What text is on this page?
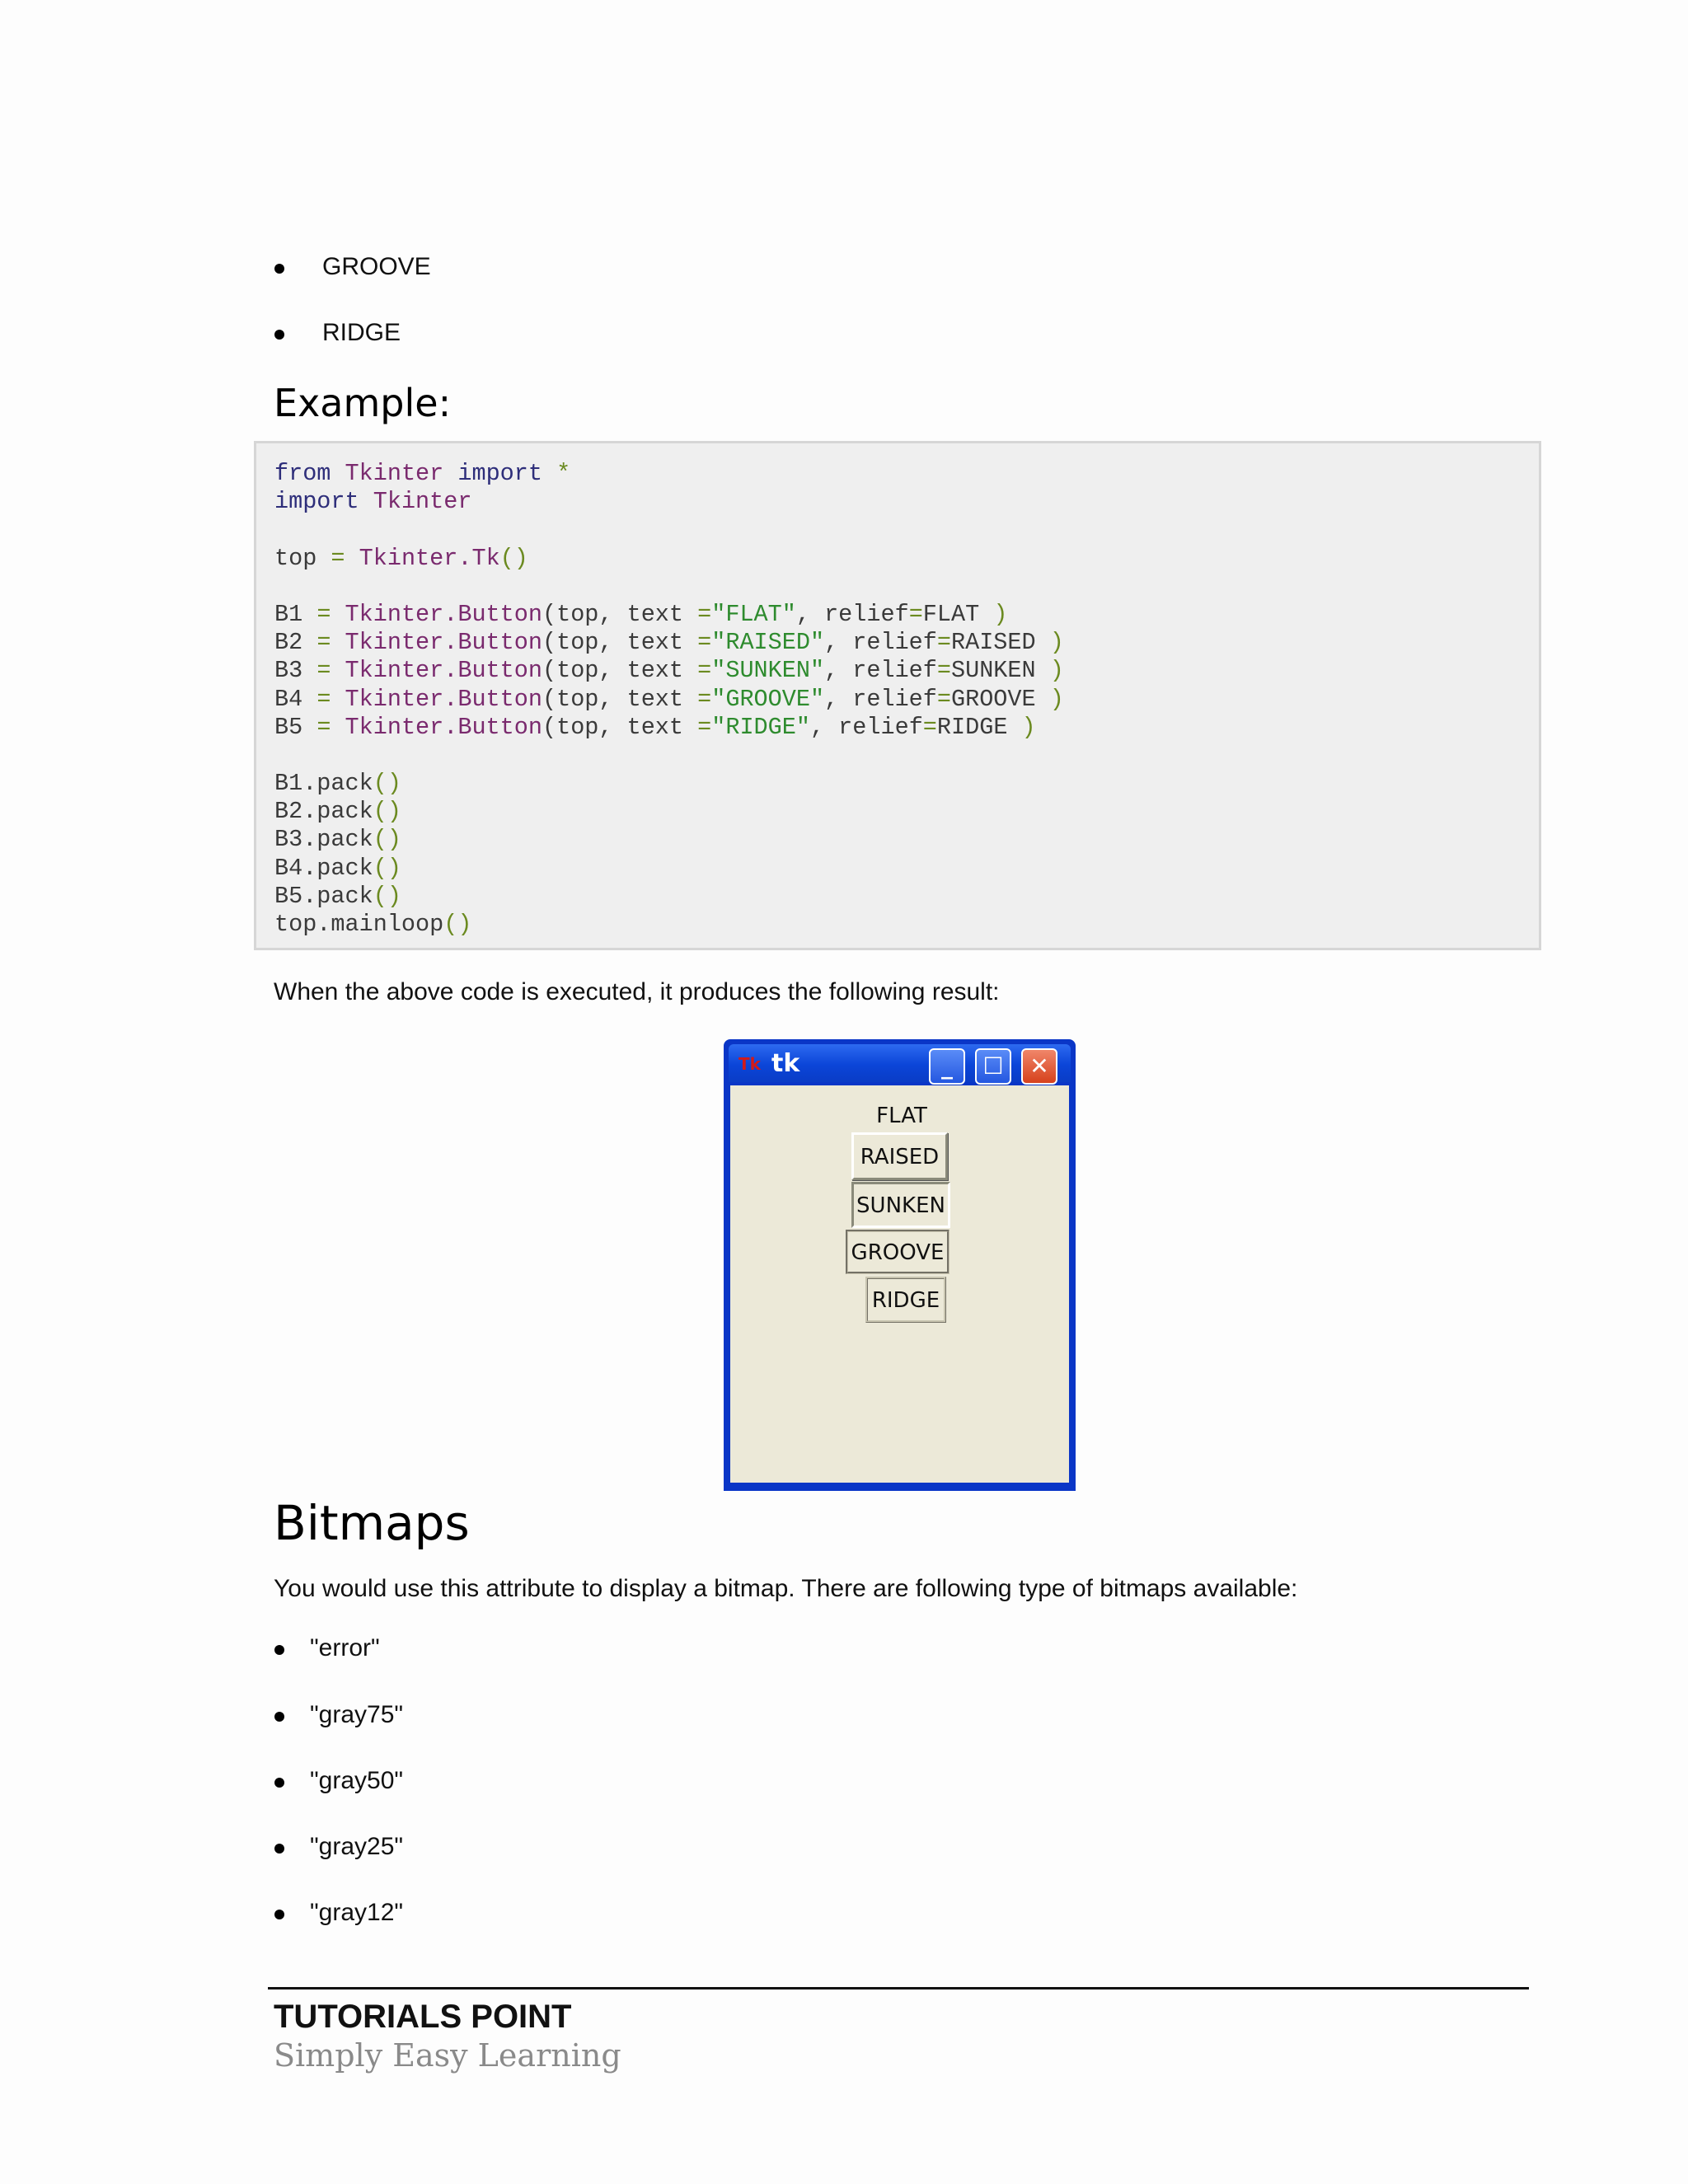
GROOVE
RIDGE
Example:
from Tkinter import *
import Tkinter
top = Tkinter.Tk()
B1 = Tkinter.Button(top, text ="FLAT", relief=FLAT )
B2 = Tkinter.Button(top, text ="RAISED", relief=RAISED )
B3 = Tkinter.Button(top, text ="SUNKEN", relief=SUNKEN )
B4 = Tkinter.Button(top, text ="GROOVE", relief=GROOVE )
B5 = Tkinter.Button(top, text ="RIDGE", relief=RIDGE )
B1.pack()
B2.pack()
B3.pack()
B4.pack()
B5.pack()
top.mainloop()
When the above code is executed, it produces the following result:
Tk tk	_	☐ ✕
FLAT
RAISED
SUNKEN
GROOVE
RIDGE
Bitmaps
You would use this attribute to display a bitmap. There are following type of bitmaps available:
"error"
"gray75"
"gray50"
"gray25"
"gray12"
TUTORIALS POINT
Simply Easy Learning
